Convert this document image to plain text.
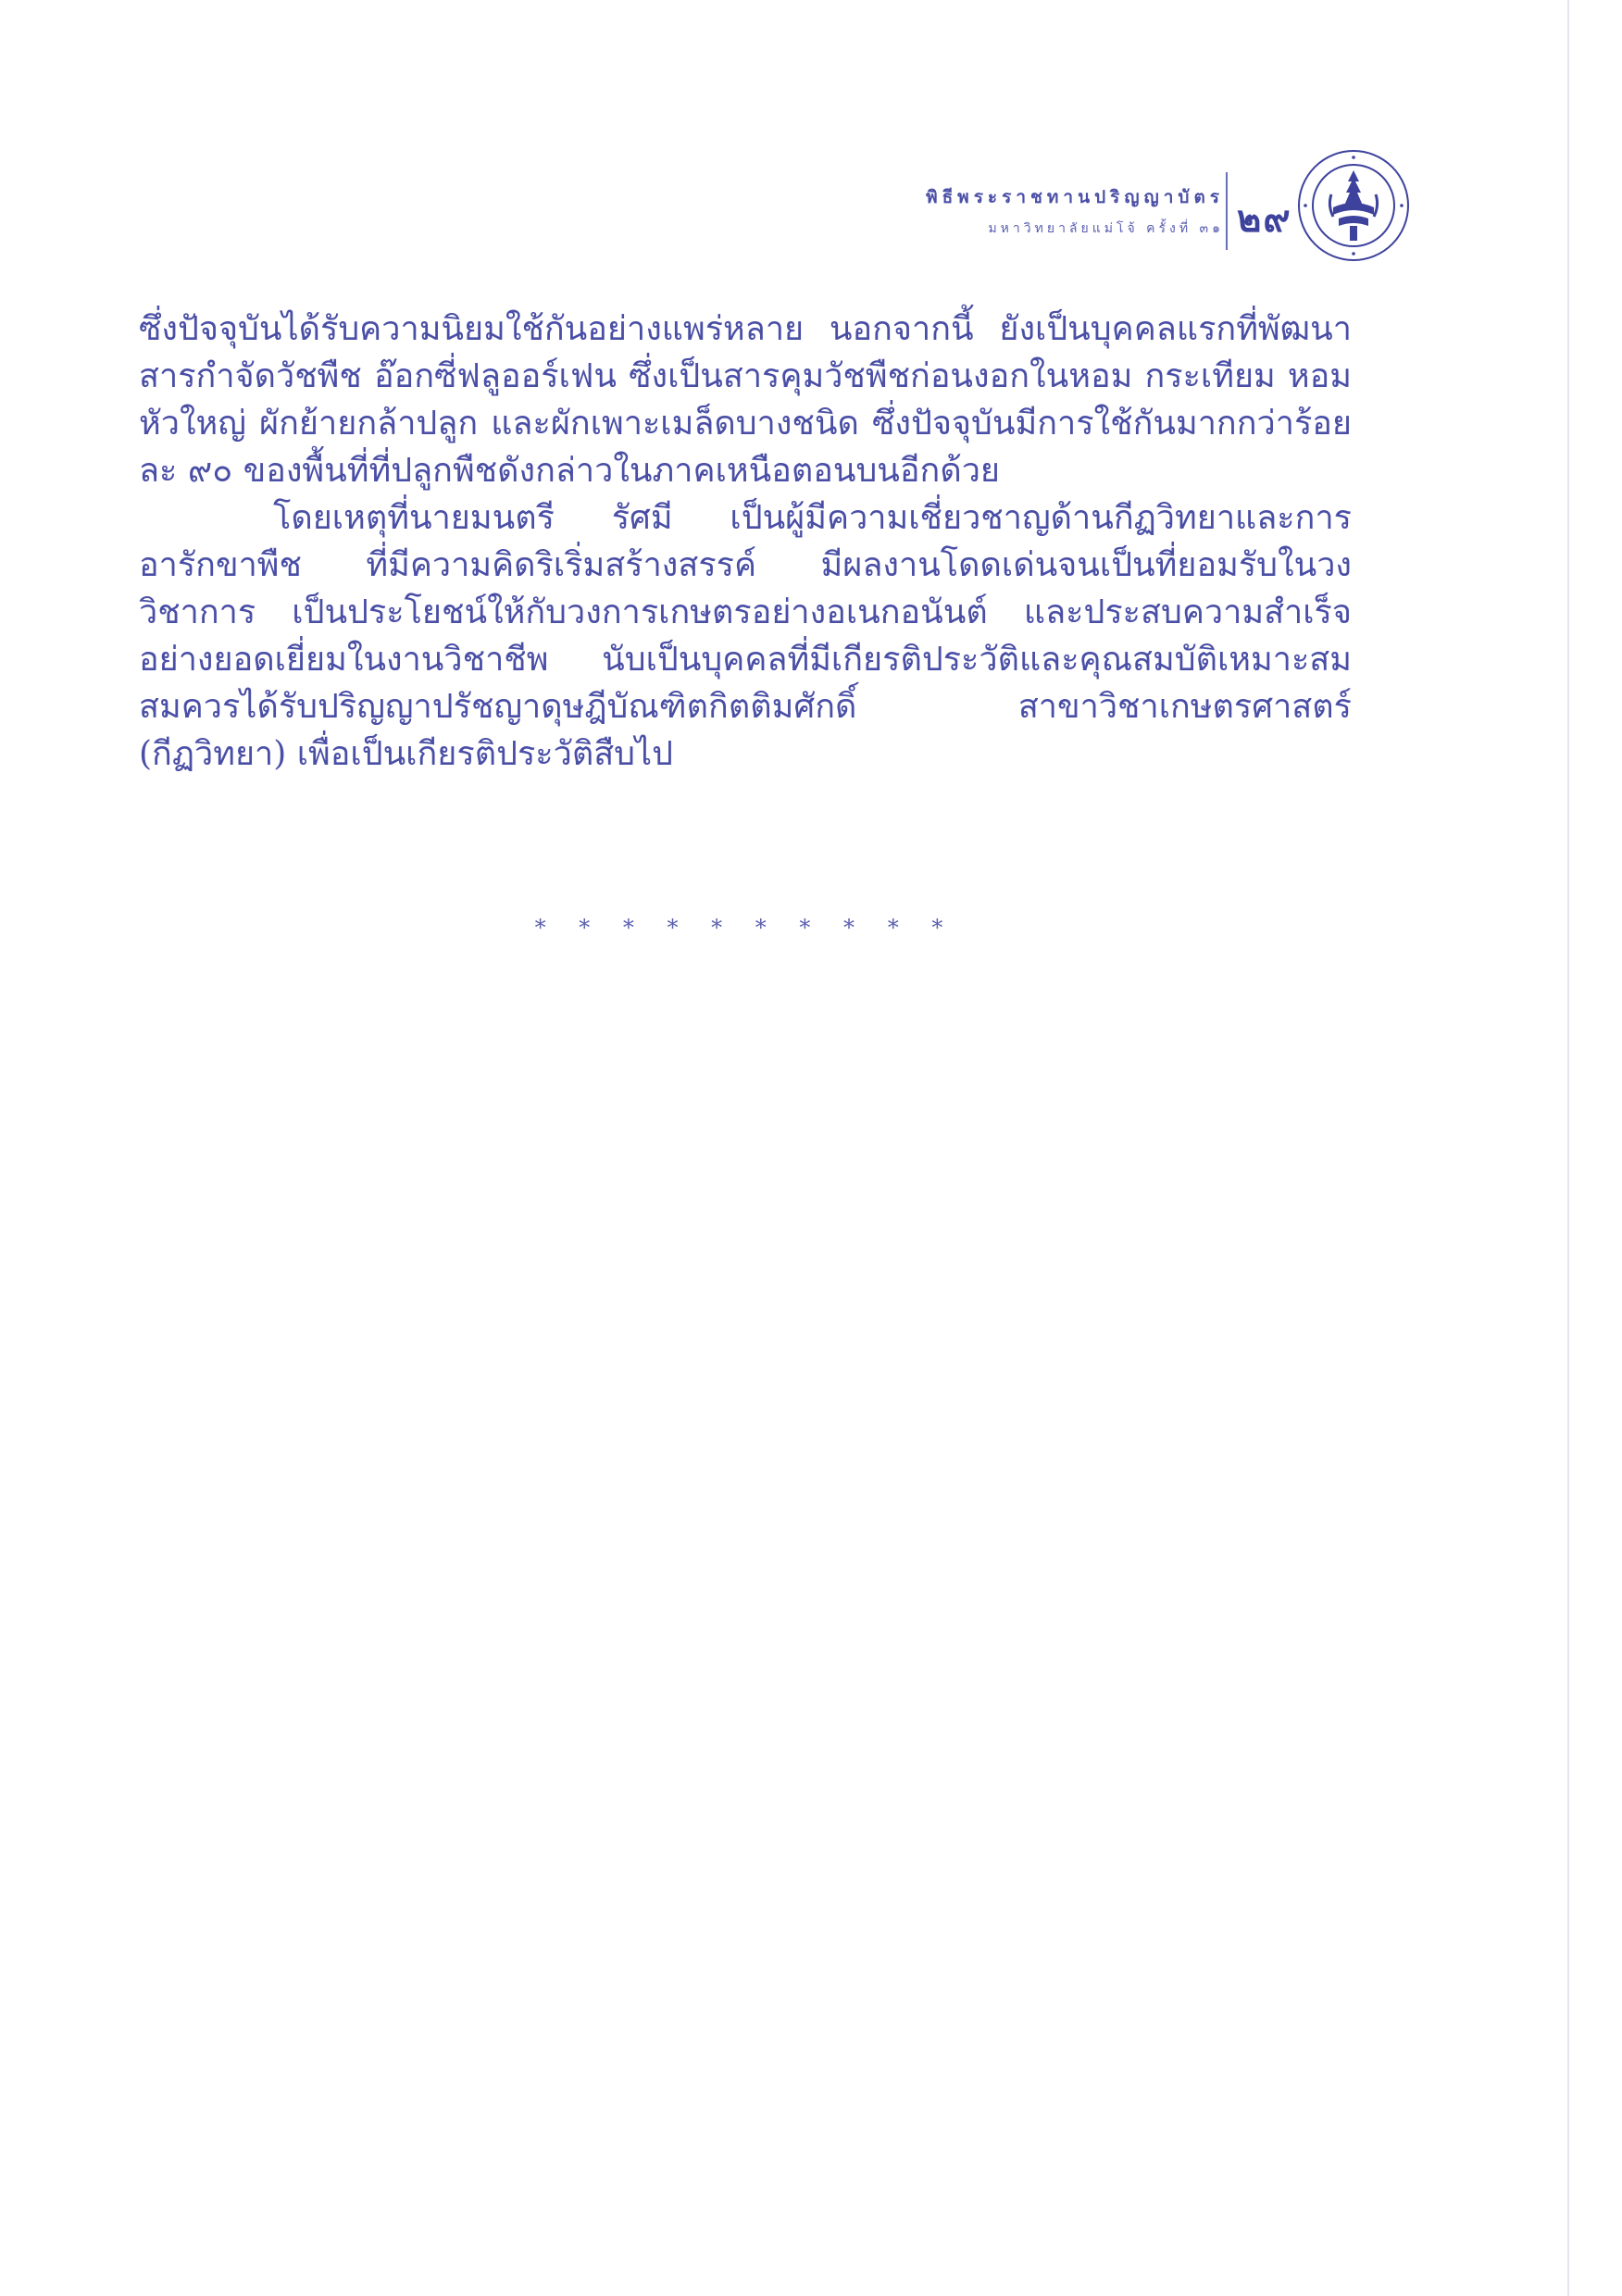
พิธีพระราชทานปริญญาบัตร
มหาวิทยาลัยแม่โจ้ ครั้งที่ ๓๑ ๒๙

ซึ่งปัจจุบันได้รับความนิยมใช้กันอย่างแพร่หลาย นอกจากนี้ ยังเป็นบุคคลแรกที่พัฒนาสารกำจัดวัชพืช อ๊อกซี่ฟลูออร์เฟน ซึ่งเป็นสารคุมวัชพืชก่อนงอกในหอม กระเทียม หอมหัวใหญ่ ผักย้ายกล้าปลูก และผักเพาะเมล็ดบางชนิด ซึ่งปัจจุบันมีการใช้กันมากกว่าร้อยละ ๙๐ ของพื้นที่ที่ปลูกพืชดังกล่าวในภาคเหนือตอนบนอีกด้วย

โดยเหตุที่นายมนตรี รัศมี เป็นผู้มีความเชี่ยวชาญด้านกีฏวิทยาและการอารักขาพืช ที่มีความคิดริเริ่มสร้างสรรค์ มีผลงานโดดเด่นจนเป็นที่ยอมรับในวงวิชาการ เป็นประโยชน์ให้กับวงการเกษตรอย่างอเนกอนันต์ และประสบความสำเร็จอย่างยอดเยี่ยมในงานวิชาชีพ นับเป็นบุคคลที่มีเกียรติประวัติและคุณสมบัติเหมาะสม สมควรได้รับปริญญาปรัชญาดุษฎีบัณฑิตกิตติมศักดิ์ สาขาวิชาเกษตรศาสตร์ (กีฏวิทยา) เพื่อเป็นเกียรติประวัติสืบไป

* * * * * * * * * *
